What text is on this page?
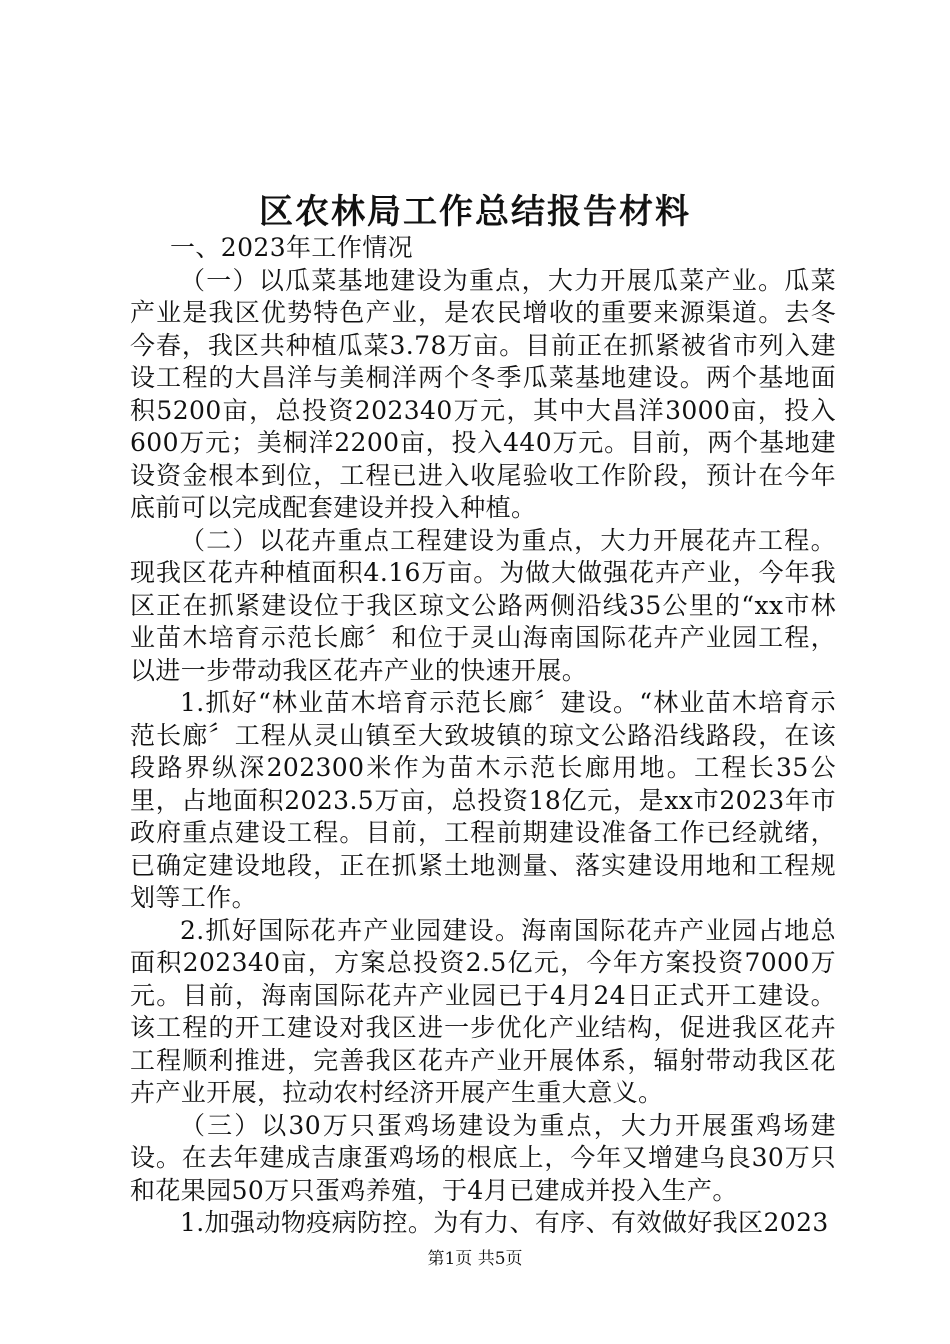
区农林局工作总结报告材料

一、2023年工作情况

（一）以瓜菜基地建设为重点，大力开展瓜菜产业。瓜菜产业是我区优势特色产业，是农民增收的重要来源渠道。去冬今春，我区共种植瓜菜3.78万亩。目前正在抓紧被省市列入建设工程的大昌洋与美桐洋两个冬季瓜菜基地建设。两个基地面积5200亩，总投资202340万元，其中大昌洋3000亩，投入600万元；美桐洋2200亩，投入440万元。目前，两个基地建设资金根本到位，工程已进入收尾验收工作阶段，预计在今年底前可以完成配套建设并投入种植。

（二）以花卉重点工程建设为重点，大力开展花卉工程。现我区花卉种植面积4.16万亩。为做大做强花卉产业，今年我区正在抓紧建设位于我区琼文公路两侧沿线35公里的“xx市林业苗木培育示范长廊〞和位于灵山海南国际花卉产业园工程，以进一步带动我区花卉产业的快速开展。

1.抓好“林业苗木培育示范长廊〞建设。“林业苗木培育示范长廊〞工程从灵山镇至大致坡镇的琼文公路沿线路段，在该段路界纵深202300米作为苗木示范长廊用地。工程长35公里，占地面积2023.5万亩，总投资18亿元，是xx市2023年市政府重点建设工程。目前，工程前期建设准备工作已经就绪，已确定建设地段，正在抓紧土地测量、落实建设用地和工程规划等工作。

2.抓好国际花卉产业园建设。海南国际花卉产业园占地总面积202340亩，方案总投资2.5亿元，今年方案投资7000万元。目前，海南国际花卉产业园已于4月24日正式开工建设。该工程的开工建设对我区进一步优化产业结构，促进我区花卉工程顺利推进，完善我区花卉产业开展体系，辐射带动我区花卉产业开展，拉动农村经济开展产生重大意义。

（三）以30万只蛋鸡场建设为重点，大力开展蛋鸡场建设。在去年建成吉康蛋鸡场的根底上，今年又增建乌良30万只和花果园50万只蛋鸡养殖，于4月已建成并投入生产。

1.加强动物疫病防控。为有力、有序、有效做好我区2023

第1页 共5页
